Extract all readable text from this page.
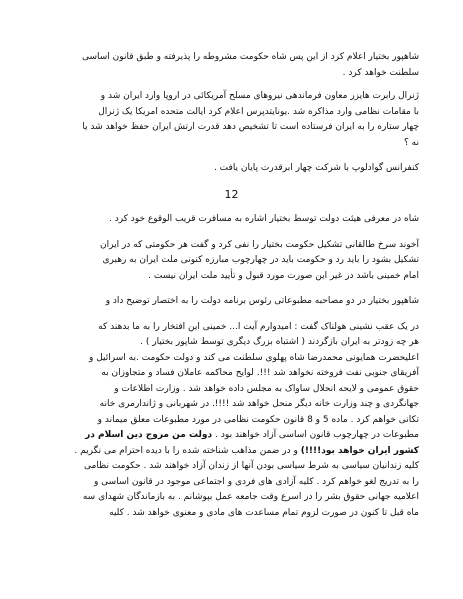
شاهپور بختیار اعلام کرد از این پس شاه حکومت مشروطه را پذیرفته و طبق قانون اساسی
سلطنت خواهد کرد .
ژنرال رابرت هایزر معاون فرماندهی نیروهای مسلح آمریکائی در اروپا وارد ایران شد و
با مقامات نظامی وارد مذاکره شد .یونایتدپرس اعلام کرد ایالت متحده امریکا یک ژنرال
چهار ستاره را به ایران فرستاده است تا تشخیص دهد قدرت ارتش ایران حفظ خواهد شد یا
نه ؟
کنفرانس گوادلوپ با شرکت چهار ابرقدرت پایان یافت .
12
شاه در معرفی هیئت دولت توسط بختیار اشاره به مسافرت قریب الوقوع خود کرد .
آخوند سرخ طالقانی تشکیل حکومت بختیار را نفی کرد و گفت هر حکومتی که در ایران
تشکیل بشود را باید رد و حکومت باید در چهارچوب مبارزه کنونی ملت ایران به رهبری
امام خمینی باشد در غیر این صورت مورد قبول و تأیید ملت ایران نیست .
شاهپور بختیار در دو مصاحبه مطبوعاتی رئوس برنامه دولت را به اختصار توضیح داد و
در یک عقب نشینی هولناک گفت : امیدوارم آیت ا... خمینی این افتخار را به ما بدهند که
هر چه زودتر به ایران بازگردند ( اشتباه بزرگ دیگری توسط شاپور بختیار ) .
اعلیحضرت همایونی محمدرضا شاه پهلوی سلطنت می کند و دولت حکومت .به اسرائیل و
آفریقای جنوبی نفت فروخته نخواهد شد !!!. لوایح محاکمه عاملان فساد و متجاوزان به
حقوق عمومی و لایحه انحلال ساواک به مجلس داده خواهد شد . وزارت اطلاعات و
جهانگردی و چند وزارت خانه دیگر منحل خواهد شد !!!!. در شهربانی و ژاندارمری خانه
تکانی خواهم کرد . ماده 5 و 8 قانون حکومت نظامی در مورد مطبوعات معلق میماند و
مطبوعات در چهارچوب قانون اساسی آزاد خواهند بود . دولت من مروج دین اسلام در
کشور ایران خواهد بود!!!!) و در ضمن مذاهب شناخته شده را با دیده احترام می نگریم .
کلیه زندانیان سیاسی به شرط سیاسی بودن آنها از زندان آزاد خواهند شد . حکومت نظامی
را به تدریج لغو خواهم کرد . کلیه آزادی های فردی و اجتماعی موجود در قانون اساسی و
اعلامیه جهانی حقوق بشر را در اسرع وقت جامعه عمل بپوشانم . به بازماندگان شهدای سه
ماه قبل تا کنون در صورت لزوم تمام مساعدت های مادی و معنوی خواهد شد . کلیه
